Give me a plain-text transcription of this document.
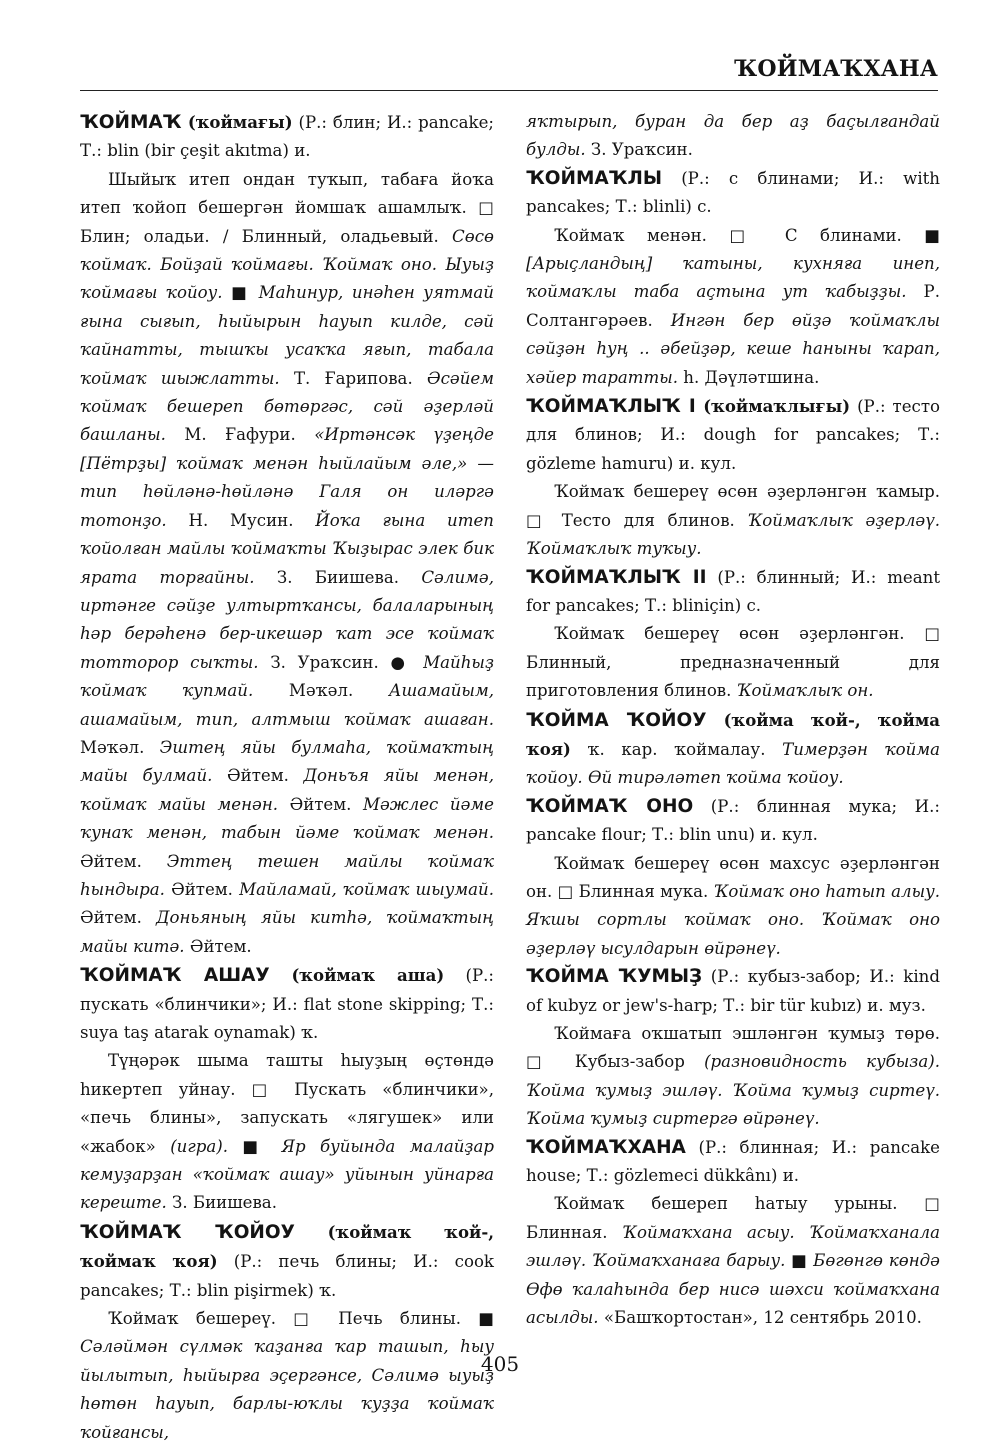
ҠОЙМАҠХАНА

ҠОЙМАҠ (ҡоймағы) (Р.: блин; И.: pancake; Т.: blin (bir çeşit akıtma) и.

Шыйыҡ итеп ондан туҡып, табаға йоҡа итеп ҡойоп бешергән йомшаҡ ашамлыҡ. □ Блин; оладьи. / Блинный, оладьевый. Сөсө ҡоймаҡ. Бойҙай ҡоймағы. Ҡоймаҡ оно. Ыуыҙ ҡоймағы ҡойоу. ■ Маһинур, инәһен уятмай ғына сығып, һыйырын һауып килде, сәй ҡайнатты, тышҡы усаҡҡа яғып, табала ҡоймаҡ шыжлатты. Т. Ғарипова. Әсәйем ҡоймаҡ бешереп бөтөргәс, сәй әҙерләй башланы. М. Ғафури. «Иртәнсәк үҙеңде [Пётрҙы] ҡоймаҡ менән һыйлайым әле,» — тип һөйләнә-һөйләнә Галя он иләргә тотонҙо. Н. Мусин. Йоҡа ғына итеп ҡойолған майлы ҡоймаҡты Ҡыҙырас элек бик ярата торғайны. З. Биишева. Сәлимә, иртәнге сәйҙе ултыртҡансы, балаларының һәр берәһенә бер-икешәр ҡат эсе ҡоймаҡ тотторор сыҡты. З. Ураҡсин. ● Майһыҙ ҡоймаҡ ҡупмай. Мәҡәл. Ашамайым, ашамайым, тип, алтмыш ҡоймаҡ ашаған. Мәҡәл. Эштең яйы булмаһа, ҡоймаҡтың майы булмай. Әйтем. Доньъя яйы менән, ҡоймаҡ майы менән. Әйтем. Мәжлес йәме ҡунаҡ менән, табын йәме ҡоймаҡ менән. Әйтем. Эттең тешен майлы ҡоймаҡ һындыра. Әйтем. Майламай, ҡоймаҡ шыумай. Әйтем. Доньяның яйы китһә, ҡоймаҡтың майы китә. Әйтем.

ҠОЙМАҠ АШАУ (ҡоймаҡ аша) (Р.: пускать «блинчики»; И.: flat stone skipping; Т.: suya taş atarak oynamak) ҡ.

Түңәрәк шыма ташты һыуҙың өҫтөндә һикертеп уйнау. □ Пускать «блинчики», «печь блины», запускать «лягушек» или «жабок» (игра). ■ Яр буйында малайҙар кемуҙарҙан «ҡоймаҡ ашау» уйынын уйнарға кереште. З. Биишева.

ҠОЙМАҠ ҠОЙОУ (ҡоймаҡ ҡой-, ҡоймаҡ ҡоя) (Р.: печь блины; И.: cook pancakes; Т.: blin pişirmek) ҡ.

Ҡоймаҡ бешереү. □ Печь блины. ■ Сәләймән сүлмәк ҡаҙанға ҡар ташып, һыу йылытып, һыйырға эҫергәнсе, Сәлимә ыуыҙ һөтөн һауып, барлы-юҡлы ҡуҙҙа ҡоймаҡ ҡойғансы,

яҡтырып, буран да бер аҙ баҫылғандай булды. З. Ураҡсин.

ҠОЙМАҠЛЫ (Р.: с блинами; И.: with pancakes; Т.: blinli) с.

Ҡоймаҡ менән. □ С блинами. ■ [Арыҫландың] ҡатыны, кухняға инеп, ҡоймаҡлы таба аҫтына ут ҡабыҙҙы. Р. Солтангәрәев. Ингән бер өйҙә ҡоймаҡлы сәйҙән һуң .. әбейҙәр, кеше һаныны ҡарап, хәйер таратты. һ. Дәүләтшина.

ҠОЙМАҠЛЫҠ I (ҡоймаҡлығы) (Р.: тесто для блинов; И.: dough for pancakes; Т.: gözleme hamuru) и. кул.

Ҡоймаҡ бешереү өсөн әҙерләнгән ҡамыр. □ Тесто для блинов. Ҡоймаҡлыҡ әҙерләү. Ҡоймаҡлыҡ туҡыу.

ҠОЙМАҠЛЫҠ II (Р.: блинный; И.: meant for pancakes; Т.: bliniçin) с.

Ҡоймаҡ бешереү өсөн әҙерләнгән. □ Блинный, предназначенный для приготовления блинов. Ҡоймаҡлыҡ он.

ҠОЙМА ҠОЙОУ (ҡойма ҡой-, ҡойма ҡоя) ҡ. кар. ҡоймалау. Тимерҙән ҡойма ҡойоу. Өй тирәләтеп ҡойма ҡойоу.

ҠОЙМАҠ ОНО (Р.: блинная мука; И.: pancake flour; Т.: blin unu) и. кул.

Ҡоймаҡ бешереү өсөн махсус әҙерләнгән он. □ Блинная мука. Ҡоймаҡ оно һатып алыу. Яҡшы сортлы ҡоймаҡ оно. Ҡоймаҡ оно әҙерләү ысулдарын өйрәнеү.

ҠОЙМА ҠУМЫҘ (Р.: кубыз-забор; И.: kind of kubyz or jew's-harp; Т.: bir tür kubız) и. муз.

Ҡоймаға оҡшатып эшләнгән ҡумыҙ төрө. □ Кубыз-забор (разновидность кубыза). Ҡойма ҡумыҙ эшләү. Ҡойма ҡумыҙ сиртеү. Ҡойма ҡумыҙ сиртергә өйрәнеү.

ҠОЙМАҠХАНА (Р.: блинная; И.: pancake house; Т.: gözlemeci dükkânı) и.

Ҡоймаҡ бешереп һатыу урыны. □ Блинная. Ҡоймаҡхана асыу. Ҡоймаҡханала эшләү. Ҡоймаҡханаға барыу. ■ Бөгөнгө көндә Өфө ҡалаһында бер нисә шәхси ҡоймаҡхана асылды. «Башҡортостан», 12 сентябрь 2010.

405
